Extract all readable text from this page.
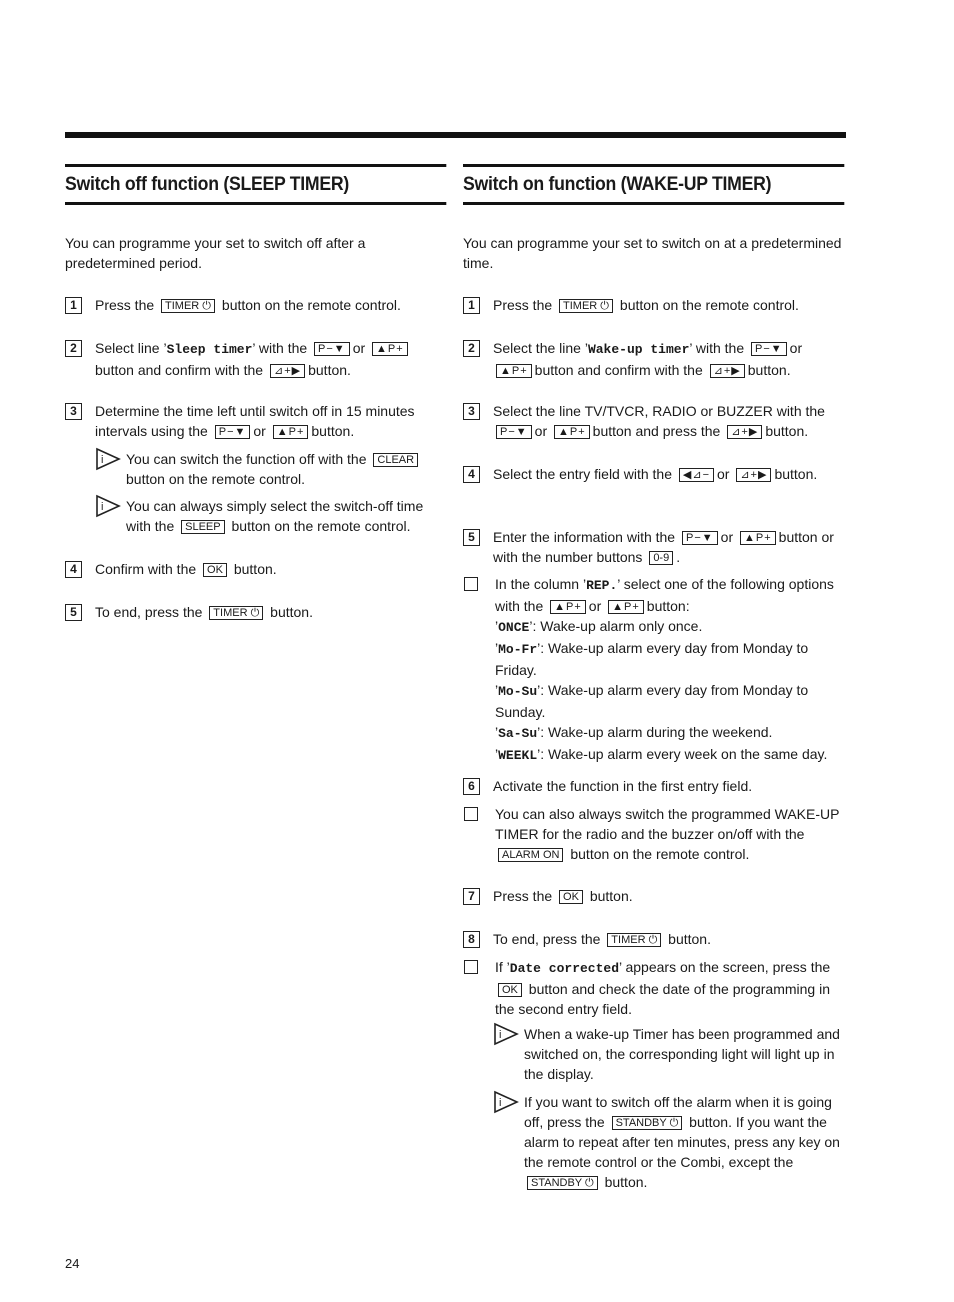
Switch off function (SLEEP TIMER)
You can programme your set to switch off after a predetermined period.
1	Press the TIMER ⏻ button on the remote control.
2	Select line ’Sleep timer’ with the P−▼ or ▲P+button and confirm with the ⊿+▶ button.
3	Determine the time left until switch off in 15 minutes intervals using the P−▼ or ▲P+ button.
i You can switch the function off with the CLEAR button on the remote control.
i You can always simply select the switch-off time with the SLEEP button on the remote control.
4	Confirm with the OK button.
5	To end, press the TIMER ⏻ button.
Switch on function (WAKE-UP TIMER)
You can programme your set to switch on at a predetermined time.
1	Press the TIMER ⏻ button on the remote control.
2	Select the line ’Wake-up timer’ with the P−▼ or ▲P+ button and confirm with the ⊿+▶ button.
3	Select the line TV/TVCR, RADIO or BUZZER with the P−▼ or ▲P+ button and press the ⊿+▶ button.
4	Select the entry field with the ◀⊿− or ⊿+▶ button.
5	Enter the information with the P−▼ or ▲P+ button or with the number buttons 0-9 .
In the column ’REP.’ select one of the following options with the ▲P+ or ▲P+ button:
’ONCE’: Wake-up alarm only once.
’Mo-Fr’: Wake-up alarm every day from Monday to Friday.
’Mo-Su’: Wake-up alarm every day from Monday to Sunday.
’Sa-Su’: Wake-up alarm during the weekend.
’WEEKL’: Wake-up alarm every week on the same day.
6	Activate the function in the first entry field.
You can also always switch the programmed WAKE-UP TIMER for the radio and the buzzer on/off with the ALARM ON button on the remote control.
7	Press the OK button.
8	To end, press the TIMER ⏻ button.
If ’Date corrected’ appears on the screen, press the OK button and check the date of the programming in the second entry field.
i When a wake-up Timer has been programmed and switched on, the corresponding light will light up in the display.
i If you want to switch off the alarm when it is going off, press the STANDBY ⏻ button. If you want the alarm to repeat after ten minutes, press any key on the remote control or the Combi, except the STANDBY ⏻ button.
24
